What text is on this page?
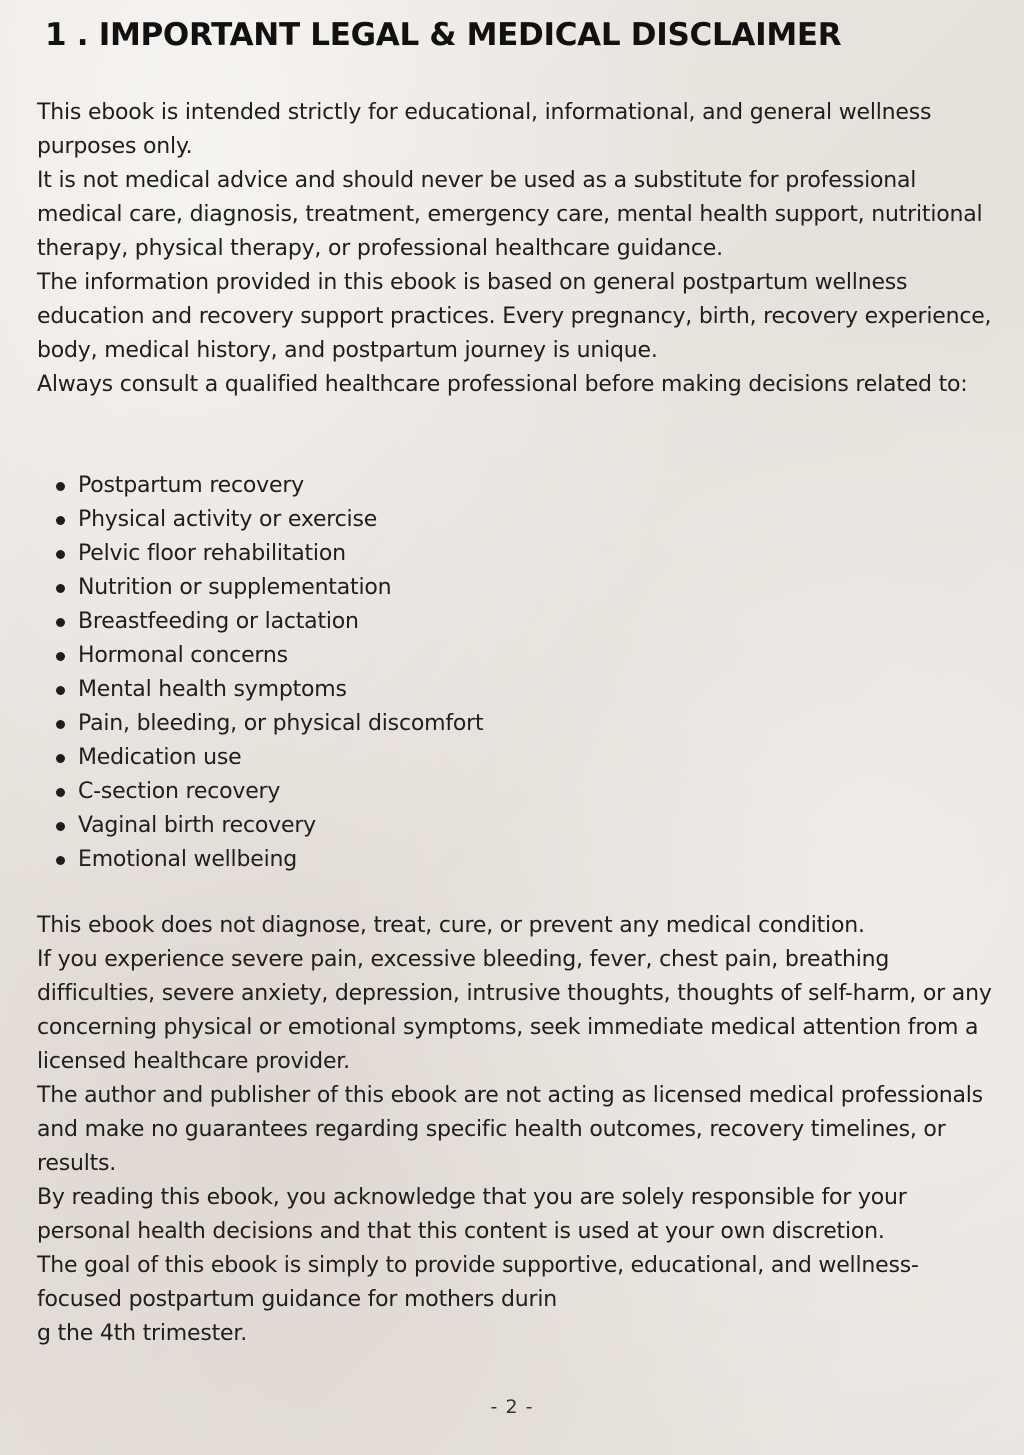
1 . IMPORTANT LEGAL & MEDICAL DISCLAIMER

This ebook is intended strictly for educational, informational, and general wellness purposes only.

It is not medical advice and should never be used as a substitute for professional medical care, diagnosis, treatment, emergency care, mental health support, nutritional therapy, physical therapy, or professional healthcare guidance.

The information provided in this ebook is based on general postpartum wellness education and recovery support practices. Every pregnancy, birth, recovery experience, body, medical history, and postpartum journey is unique.

Always consult a qualified healthcare professional before making decisions related to:

Postpartum recovery
Physical activity or exercise
Pelvic floor rehabilitation
Nutrition or supplementation
Breastfeeding or lactation
Hormonal concerns
Mental health symptoms
Pain, bleeding, or physical discomfort
Medication use
C-section recovery
Vaginal birth recovery
Emotional wellbeing

This ebook does not diagnose, treat, cure, or prevent any medical condition.

If you experience severe pain, excessive bleeding, fever, chest pain, breathing difficulties, severe anxiety, depression, intrusive thoughts, thoughts of self-harm, or any concerning physical or emotional symptoms, seek immediate medical attention from a licensed healthcare provider.

The author and publisher of this ebook are not acting as licensed medical professionals and make no guarantees regarding specific health outcomes, recovery timelines, or results.

By reading this ebook, you acknowledge that you are solely responsible for your personal health decisions and that this content is used at your own discretion.

The goal of this ebook is simply to provide supportive, educational, and wellness-focused postpartum guidance for mothers durin

g the 4th trimester.

- 2 -
